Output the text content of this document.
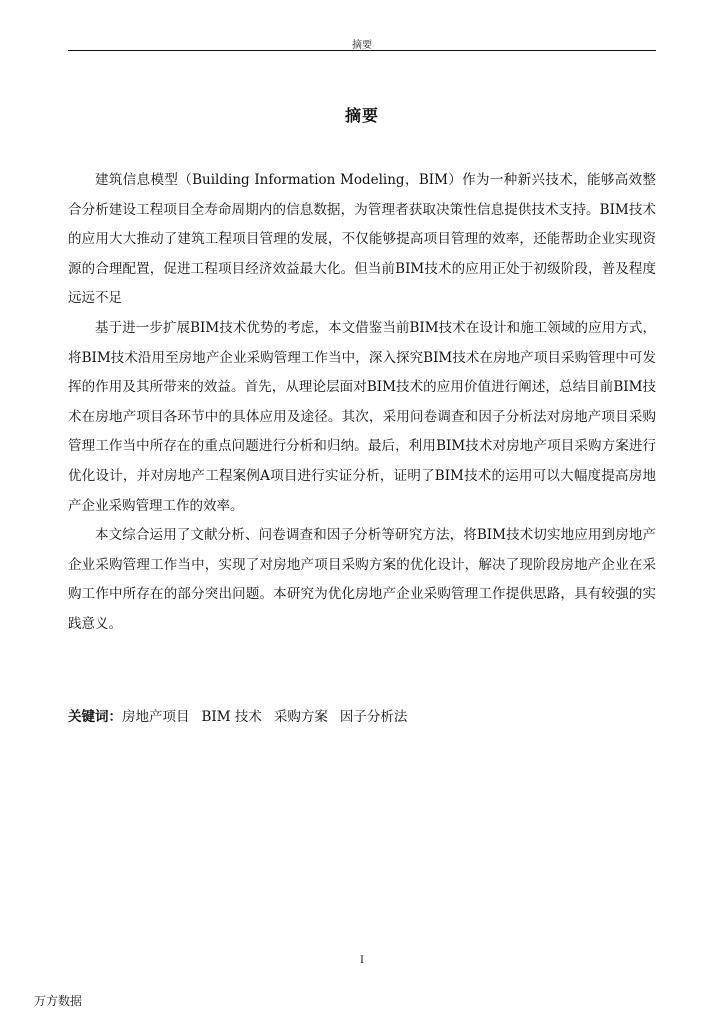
摘要
摘要

建筑信息模型（Building Information Modeling，BIM）作为一种新兴技术，能够高效整合分析建设工程项目全寿命周期内的信息数据，为管理者获取决策性信息提供技术支持。BIM技术的应用大大推动了建筑工程项目管理的发展，不仅能够提高项目管理的效率，还能帮助企业实现资源的合理配置，促进工程项目经济效益最大化。但当前BIM技术的应用正处于初级阶段，普及程度远远不足

基于进一步扩展BIM技术优势的考虑，本文借鉴当前BIM技术在设计和施工领域的应用方式，将BIM技术沿用至房地产企业采购管理工作当中，深入探究BIM技术在房地产项目采购管理中可发挥的作用及其所带来的效益。首先，从理论层面对BIM技术的应用价值进行阐述，总结目前BIM技术在房地产项目各环节中的具体应用及途径。其次，采用问卷调查和因子分析法对房地产项目采购管理工作当中所存在的重点问题进行分析和归纳。最后，利用BIM技术对房地产项目采购方案进行优化设计，并对房地产工程案例A项目进行实证分析，证明了BIM技术的运用可以大幅度提高房地产企业采购管理工作的效率。

本文综合运用了文献分析、问卷调查和因子分析等研究方法，将BIM技术切实地应用到房地产企业采购管理工作当中，实现了对房地产项目采购方案的优化设计，解决了现阶段房地产企业在采购工作中所存在的部分突出问题。本研究为优化房地产企业采购管理工作提供思路，具有较强的实践意义。

关键词：房地产项目 BIM 技术 采购方案 因子分析法
I
万方数据
